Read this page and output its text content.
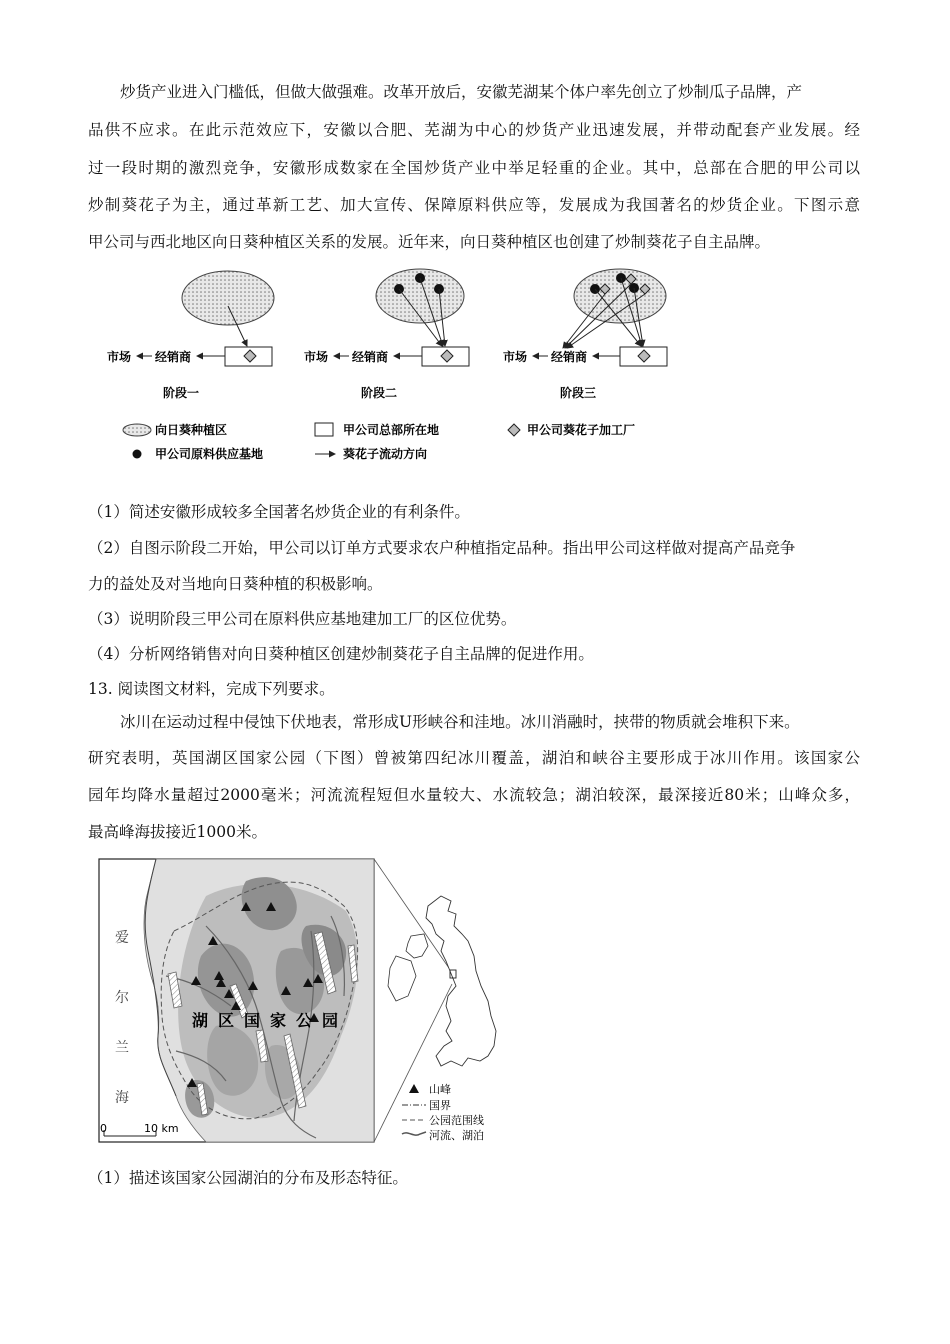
炒货产业进入门槛低，但做大做强难。改革开放后，安徽芜湖某个体户率先创立了炒制瓜子品牌，产
品供不应求。在此示范效应下，安徽以合肥、芜湖为中心的炒货产业迅速发展，并带动配套产业发展。经
过一段时期的激烈竞争，安徽形成数家在全国炒货产业中举足轻重的企业。其中，总部在合肥的甲公司以
炒制葵花子为主，通过革新工艺、加大宣传、保障原料供应等，发展成为我国著名的炒货企业。下图示意
甲公司与西北地区向日葵种植区关系的发展。近年来，向日葵种植区也创建了炒制葵花子自主品牌。
经销商
市场
阶段一
经销商
市场
阶段二
经销商
市场
阶段三
向日葵种植区	甲公司总部所在地	甲公司葵花子加工厂
甲公司原料供应基地	葵花子流动方向
（1）简述安徽形成较多全国著名炒货企业的有利条件。
（2）自图示阶段二开始，甲公司以订单方式要求农户种植指定品种。指出甲公司这样做对提高产品竞争
力的益处及对当地向日葵种植的积极影响。
（3）说明阶段三甲公司在原料供应基地建加工厂的区位优势。
（4）分析网络销售对向日葵种植区创建炒制葵花子自主品牌的促进作用。
13. 阅读图文材料，完成下列要求。
冰川在运动过程中侵蚀下伏地表，常形成U形峡谷和洼地。冰川消融时，挟带的物质就会堆积下来。
研究表明，英国湖区国家公园（下图）曾被第四纪冰川覆盖，湖泊和峡谷主要形成于冰川作用。该国家公
园年均降水量超过2000毫米；河流流程短但水量较大、水流较急；湖泊较深，最深接近80米；山峰众多，
最高峰海拔接近1000米。
湖区国家公园
爱 尔 兰 海
0	10 km
山峰
国界
公园范围线
河流、湖泊
（1）描述该国家公园湖泊的分布及形态特征。
